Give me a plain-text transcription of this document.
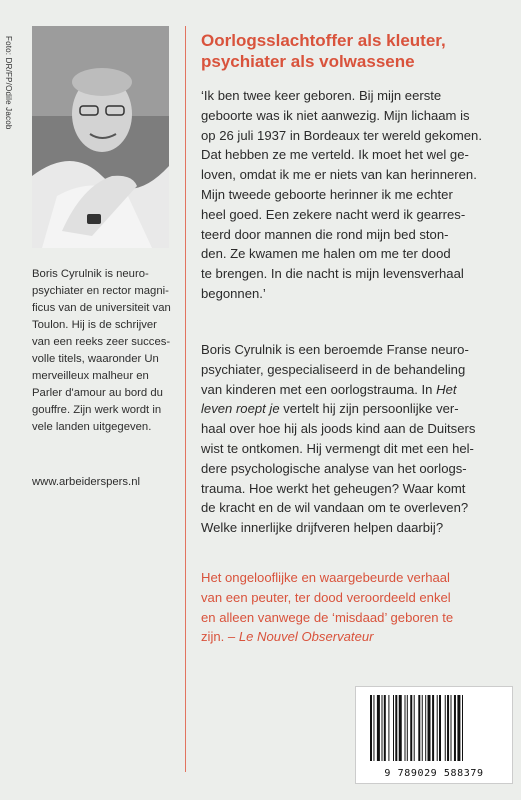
Foto: DR/FP/Odile Jacob

Boris Cyrulnik is neuro-

psychiater en rector magni-

ficus van de universiteit van

Toulon. Hij is de schrijver

van een reeks zeer succes-

volle titels, waaronder Un

merveilleux malheur en

Parler d'amour au bord du

gouffre. Zijn werk wordt in

vele landen uitgegeven.

www.arbeiderspers.nl
Oorlogsslachtoffer als kleuter,
psychiater als volwassene

‘Ik ben twee keer geboren. Bij mijn eerste

geboorte was ik niet aanwezig. Mijn lichaam is

op 26 juli 1937 in Bordeaux ter wereld gekomen.

Dat hebben ze me verteld. Ik moet het wel ge-

loven, omdat ik me er niets van kan herinneren.

Mijn tweede geboorte herinner ik me echter

heel goed. Een zekere nacht werd ik gearres-

teerd door mannen die rond mijn bed ston-

den. Ze kwamen me halen om me ter dood

te brengen. In die nacht is mijn levensverhaal

begonnen.’

Boris Cyrulnik is een beroemde Franse neuro-

psychiater, gespecialiseerd in de behandeling

van kinderen met een oorlogstrauma. In Het

leven roept je vertelt hij zijn persoonlijke ver-

haal over hoe hij als joods kind aan de Duitsers

wist te ontkomen. Hij vermengt dit met een hel-

dere psychologische analyse van het oorlogs-

trauma. Hoe werkt het geheugen? Waar komt

de kracht en de wil vandaan om te overleven?

Welke innerlijke drijfveren helpen daarbij?

Het ongelooflijke en waargebeurde verhaal

van een peuter, ter dood veroordeeld enkel

en alleen vanwege de ‘misdaad’ geboren te

zijn. – Le Nouvel Observateur

9 789029 588379
